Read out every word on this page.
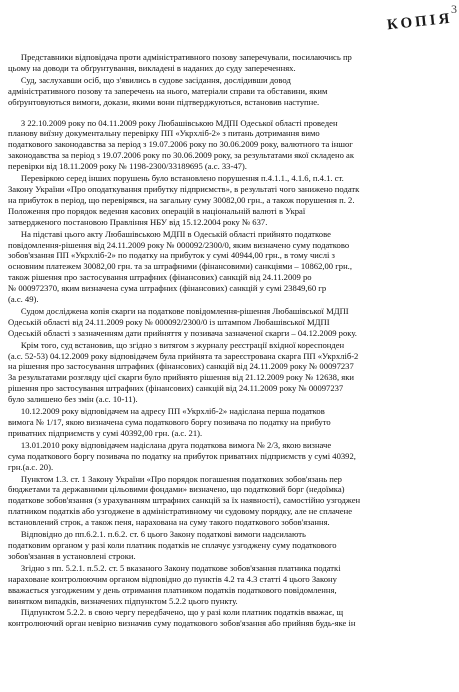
3
КОПІЯ
Представники відповідача проти адміністративного позову заперечували, посилаючись пр
цьому на доводи та обґрунтування, викладені в наданих до суду запереченнях.
Суд, заслухавши осіб, що з'явились в судове засідання, дослідивши довод
адміністративного позову та заперечень на нього, матеріали справи та обставини, яким
обґрунтовуються вимоги, докази, якими вони підтверджуються, встановив наступне.
З 22.10.2009 року по 04.11.2009 року Любашівською МДПІ Одеської області проведен
планову виїзну документальну перевірку ПП «Укрхліб-2» з питань дотримання вимо
податкового законодавства за період з 19.07.2006 року по 30.06.2009 року, валютного та іншог
законодавства за період з 19.07.2006 року по 30.06.2009 року, за результатами якої складено ак
перевірки від 18.11.2009 року № 1198-2300/33189695 (а.с. 33-47).
Перевіркою серед інших порушень було встановлено порушення п.4.1.1., 4.1.6, п.4.1. ст.
Закону України «Про оподаткування прибутку підприємств», в результаті чого занижено податк
на прибуток в період, що перевірявся, на загальну суму 30082,00 грн., а також порушення п. 2.
Положення про порядок ведення касових операцій в національній валюті в Украї
затвердженого постановою Правління НБУ від 15.12.2004 року № 637.
На підставі цього акту Любашівською МДПІ в Одеській області прийнято податкове
повідомлення-рішення від 24.11.2009 року № 000092/2300/0, яким визначено суму податково
зобов'язання ПП «Укрхліб-2» по податку на прибуток у сумі 40944,00 грн., в тому числі з
основним платежем 30082,00 грн. та за штрафними (фінансовими) санкціями – 10862,00 грн.,
також рішення про застосування штрафних (фінансових) санкцій від 24.11.2009 ро
№ 000972370, яким визначена сума штрафних (фінансових) санкцій у сумі 23849,60 гр
(а.с. 49).
Судом досліджена копія скарги на податкове повідомлення-рішення Любашівської МДПІ
Одеській області від 24.11.2009 року № 000092/2300/0 із штампом Любашівської МДПІ
Одеській області з зазначенням дати прийняття у позивача зазначеної скарги – 04.12.2009 року.
Крім того, суд встановив, що згідно з витягом з журналу реєстрації вхідної кореспонден
(а.с. 52-53) 04.12.2009 року відповідачем була прийнята та зареєстрована скарга ПП «Укрхліб-2
на рішення про застосування штрафних (фінансових) санкцій від 24.11.2009 року № 00097237
За результатами розгляду цієї скарги було прийнято рішення від 21.12.2009 року № 12638, яки
рішення про застосування штрафних (фінансових) санкцій від 24.11.2009 року № 00097237
було залишено без змін (а.с. 10-11).
10.12.2009 року відповідачем на адресу ПП «Укрхліб-2» надіслана перша податков
вимога № 1/17, якою визначена сума податкового боргу позивача по податку на прибуто
приватних підприємств у сумі 40392,00 грн. (а.с. 21).
13.01.2010 року відповідачем надіслана друга податкова вимога № 2/3, якою визначе
сума податкового боргу позивача по податку на прибуток приватних підприємств у сумі 40392,
грн.(а.с. 20).
Пунктом 1.3. ст. 1 Закону України «Про порядок погашення податкових зобов'язань пер
бюджетами та державними цільовими фондами» визначено, що податковий борг (недоїмка)
податкове зобов'язання (з урахуванням штрафних санкцій за їх наявності), самостійно узгоджен
платником податків або узгоджене в адміністративному чи судовому порядку, але не сплачене
встановлений строк, а також пеня, нарахована на суму такого податкового зобов'язання.
Відповідно до пп.6.2.1. п.6.2. ст. 6 цього Закону податкові вимоги надсилають
податковим органом у разі коли платник податків не сплачує узгоджену суму податкового
зобов'язання в установлені строки.
Згідно з пп. 5.2.1. п.5.2. ст. 5 вказаного Закону податкове зобов'язання платника податкі
нараховане контролюючим органом відповідно до пунктів 4.2 та 4.3 статті 4 цього Закону
вважається узгодженим у день отримання платником податків податкового повідомлення,
винятком випадків, визначених підпунктом 5.2.2 цього пункту.
Підпунктом 5.2.2. в свою чергу передбачено, що у разі коли платник податків вважає, щ
контролюючий орган невірно визначив суму податкового зобов'язання або прийняв будь-яке ін
